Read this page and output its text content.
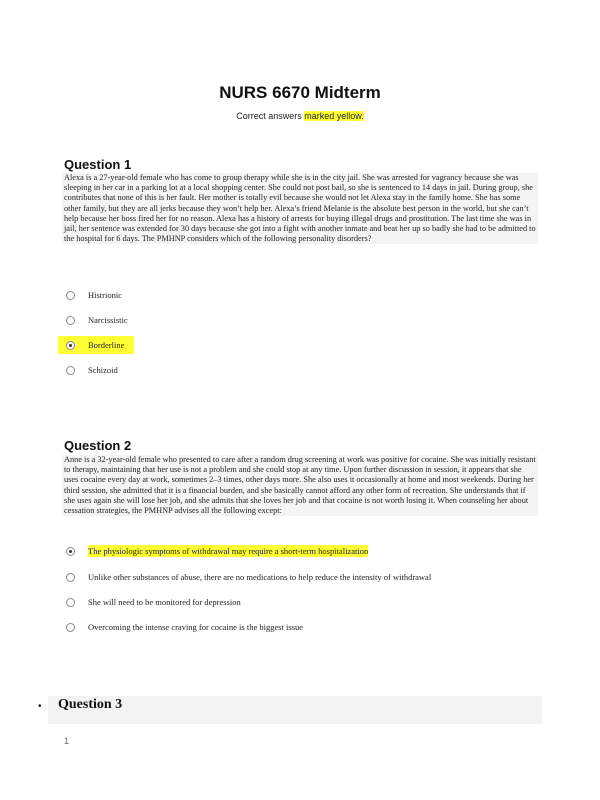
NURS 6670 Midterm
Correct answers marked yellow.
Question 1
Alexa is a 27-year-old female who has come to group therapy while she is in the city jail. She was arrested for vagrancy because she was sleeping in her car in a parking lot at a local shopping center. She could not post bail, so she is sentenced to 14 days in jail. During group, she contributes that none of this is her fault. Her mother is totally evil because she would not let Alexa stay in the family home. She has some other family, but they are all jerks because they won’t help her. Alexa’s friend Melanie is the absolute best person in the world, but she can’t help because her boss fired her for no reason. Alexa has a history of arrests for buying illegal drugs and prostitution. The last time she was in jail, her sentence was extended for 30 days because she got into a fight with another inmate and beat her up so badly she had to be admitted to the hospital for 6 days. The PMHNP considers which of the following personality disorders?
Histrionic
Narcissistic
Borderline
Schizoid
Question 2
Anne is a 32-year-old female who presented to care after a random drug screening at work was positive for cocaine. She was initially resistant to therapy, maintaining that her use is not a problem and she could stop at any time. Upon further discussion in session, it appears that she uses cocaine every day at work, sometimes 2–3 times, other days more. She also uses it occasionally at home and most weekends. During her third session, she admitted that it is a financial burden, and she basically cannot afford any other form of recreation. She understands that if she uses again she will lose her job, and she admits that she loves her job and that cocaine is not worth losing it. When counseling her about cessation strategies, the PMHNP advises all the following except:
The physiologic symptoms of withdrawal may require a short-term hospitalization
Unlike other substances of abuse, there are no medications to help reduce the intensity of withdrawal
She will need to be monitored for depression
Overcoming the intense craving for cocaine is the biggest issue
• Question 3
1
